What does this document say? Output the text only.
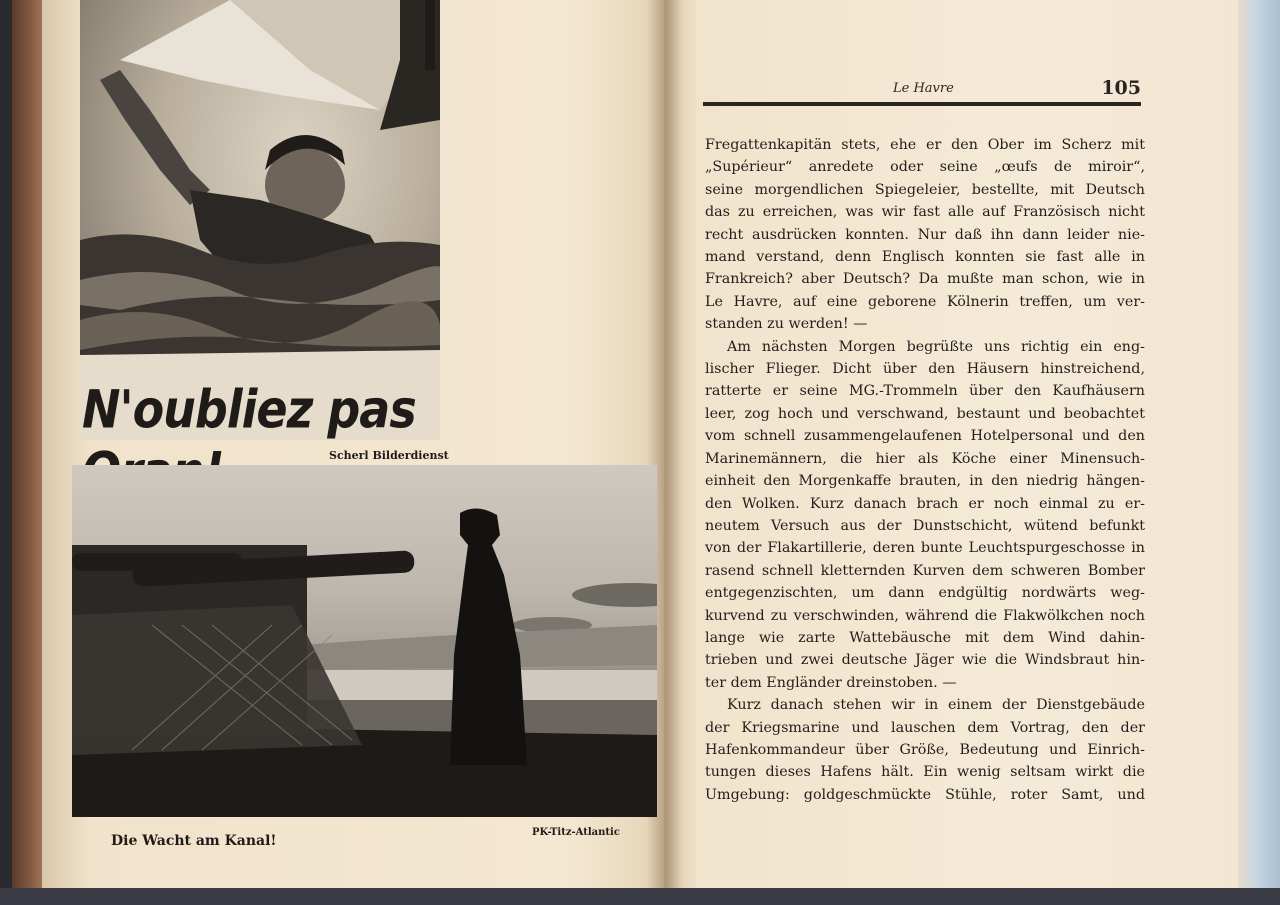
N'oubliez pas
Scherl Bilderdienst
Die Wacht am Kanal!
PK-Titz-Atlantic
Le Havre	105
Fregattenkapitän stets, ehe er den Ober im Scherz mit
„Supérieur“ anredete oder seine „œufs de miroir“,
seine morgendlichen Spiegeleier, bestellte, mit Deutsch
das zu erreichen, was wir fast alle auf Französisch nicht
recht ausdrücken konnten. Nur daß ihn dann leider nie-
mand verstand, denn Englisch konnten sie fast alle in
Frankreich? aber Deutsch? Da mußte man schon, wie in
Le Havre, auf eine geborene Kölnerin treffen, um ver-
standen zu werden! —
Am nächsten Morgen begrüßte uns richtig ein eng-
lischer Flieger. Dicht über den Häusern hinstreichend,
ratterte er seine MG.-Trommeln über den Kaufhäusern
leer, zog hoch und verschwand, bestaunt und beobachtet
vom schnell zusammengelaufenen Hotelpersonal und den
Marinemännern, die hier als Köche einer Minensuch-
einheit den Morgenkaffe brauten, in den niedrig hängen-
den Wolken. Kurz danach brach er noch einmal zu er-
neutem Versuch aus der Dunstschicht, wütend befunkt
von der Flakartillerie, deren bunte Leuchtspurgeschosse in
rasend schnell kletternden Kurven dem schweren Bomber
entgegenzischten, um dann endgültig nordwärts weg-
kurvend zu verschwinden, während die Flakwölkchen noch
lange wie zarte Wattebäusche mit dem Wind dahin-
trieben und zwei deutsche Jäger wie die Windsbraut hin-
ter dem Engländer dreinstoben. —
Kurz danach stehen wir in einem der Dienstgebäude
der Kriegsmarine und lauschen dem Vortrag, den der
Hafenkommandeur über Größe, Bedeutung und Einrich-
tungen dieses Hafens hält. Ein wenig seltsam wirkt die
Umgebung: goldgeschmückte Stühle, roter Samt, und
